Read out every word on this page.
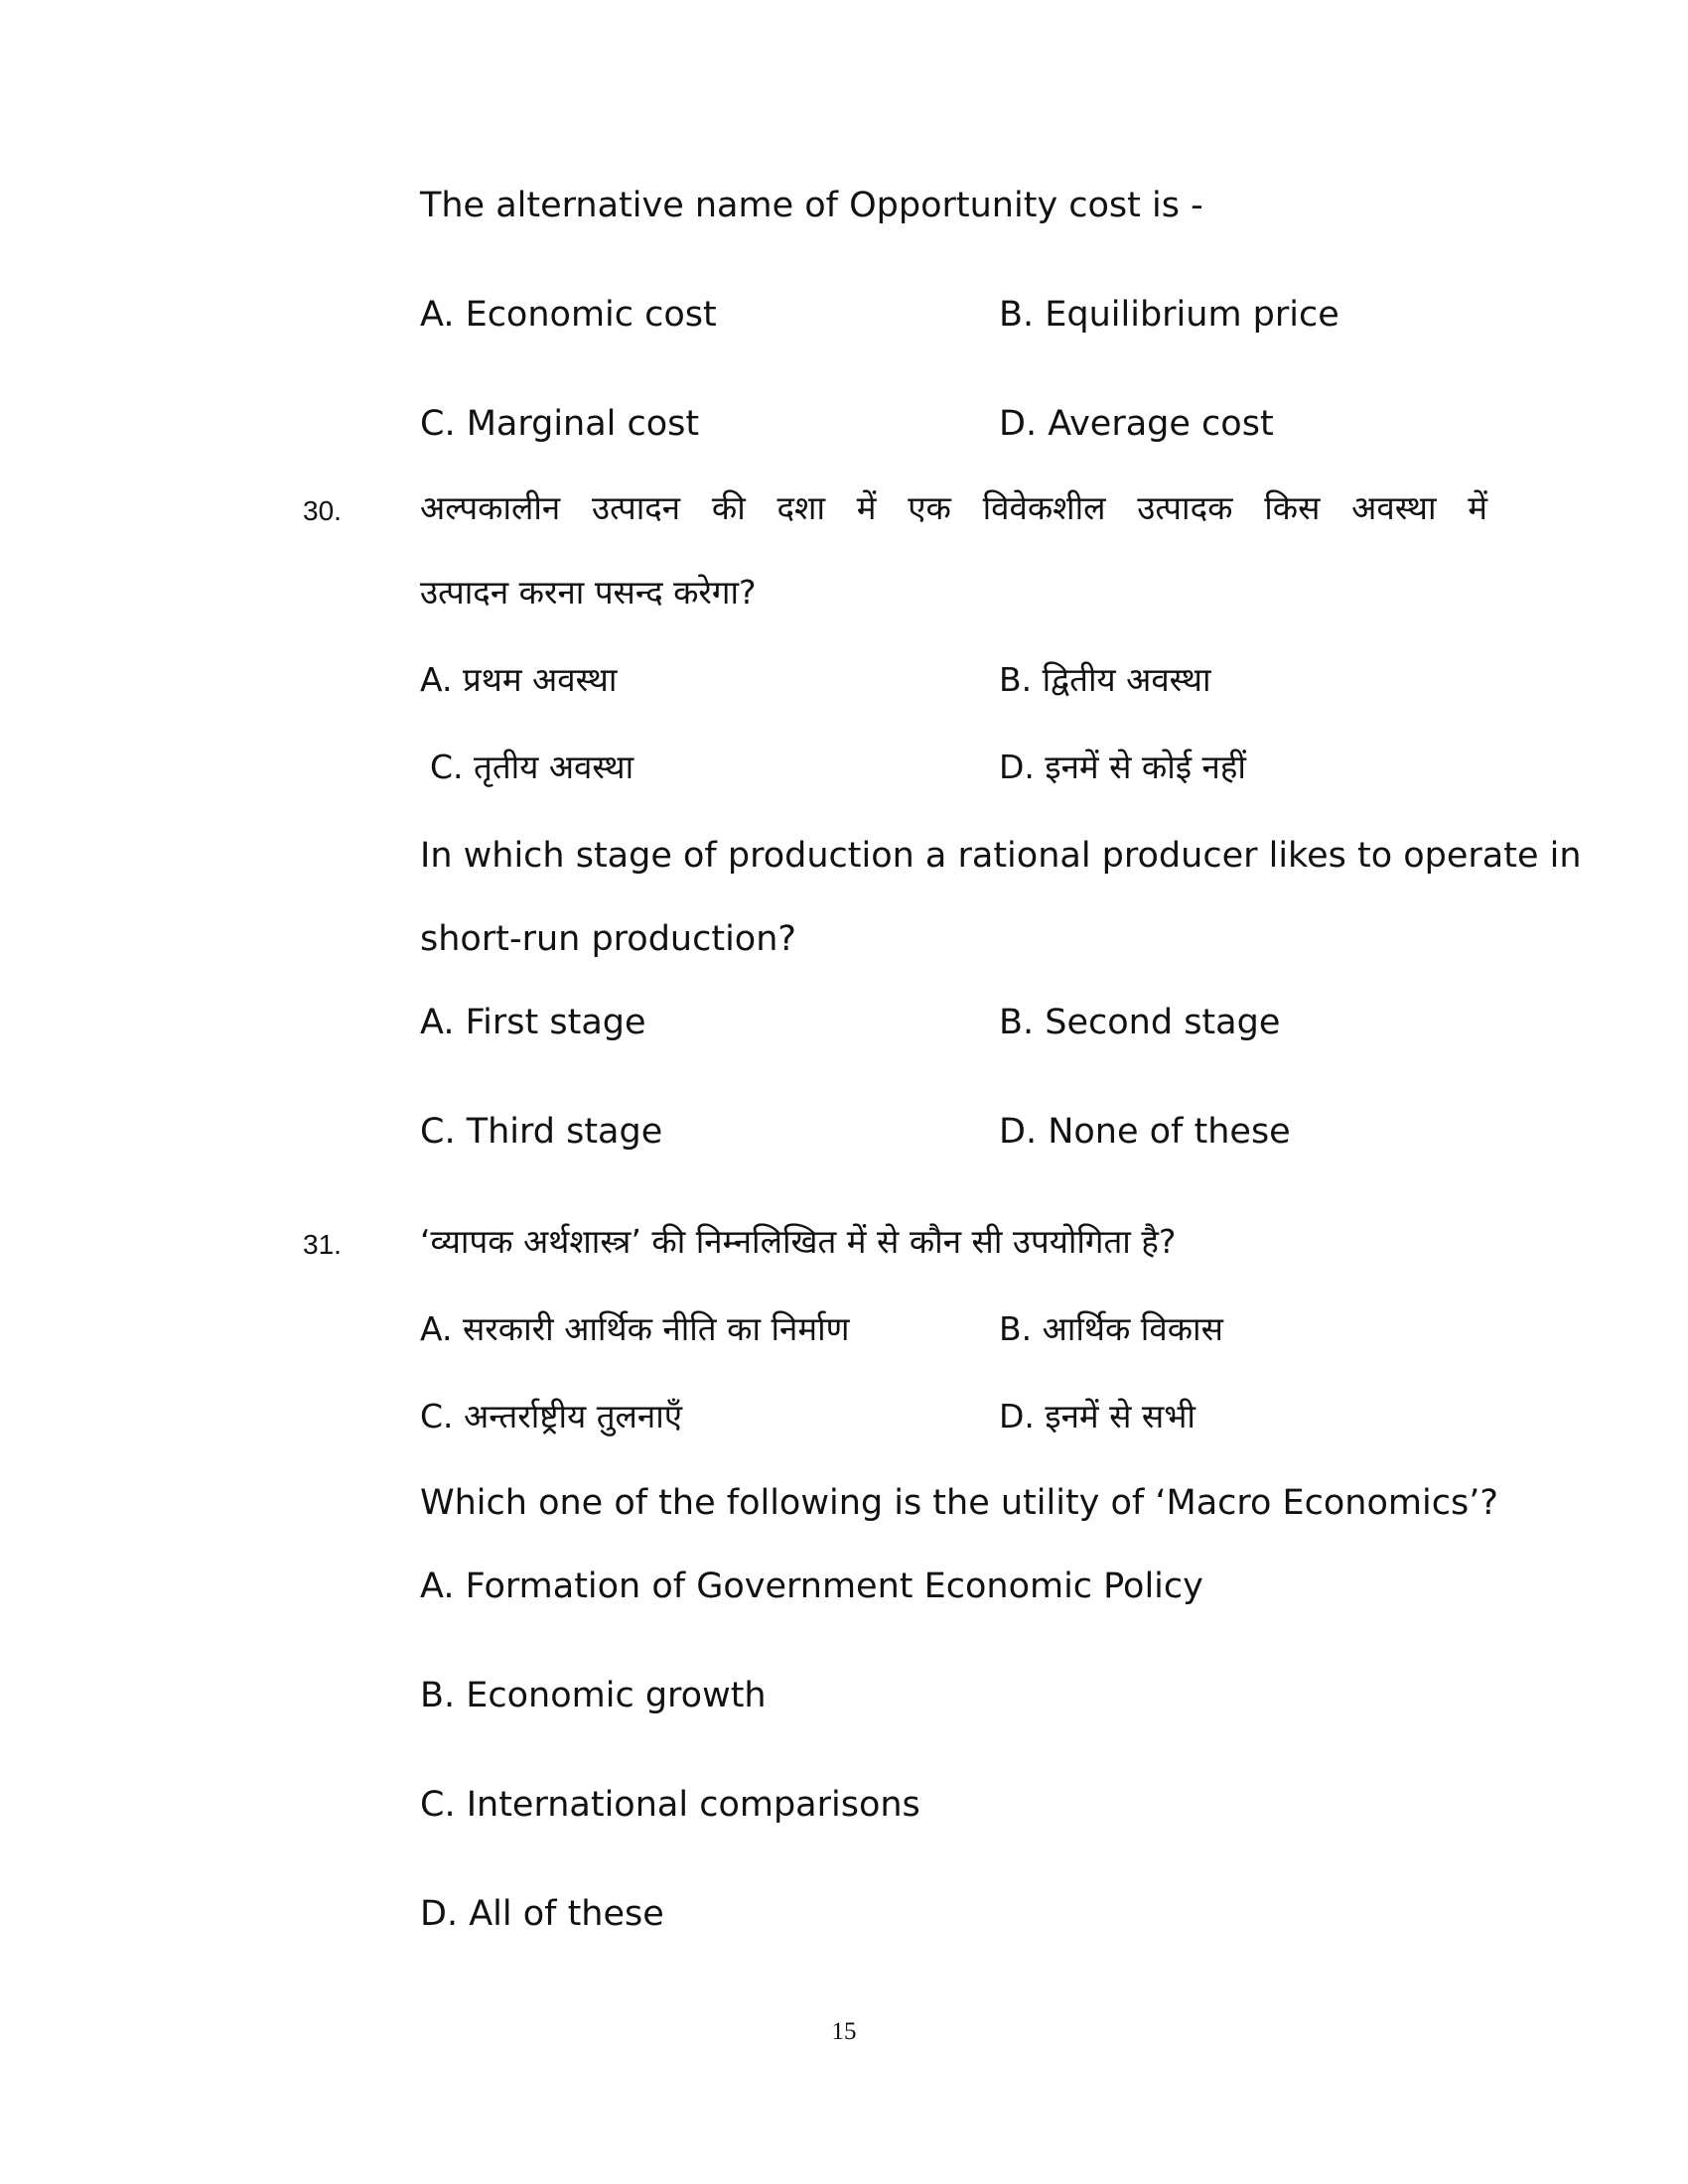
The alternative name of Opportunity cost is -
A. Economic cost	B. Equilibrium price
C. Marginal cost	D. Average cost
30. अल्पकालीन उत्पादन की दशा में एक विवेकशील उत्पादक किस अवस्था में
उत्पादन करना पसन्द करेगा?
A. प्रथम अवस्था	B. द्वितीय अवस्था
C. तृतीय अवस्था	D. इनमें से कोई नहीं
In which stage of production a rational producer likes to operate in
short-run production?
A. First stage	B. Second stage
C. Third stage	D. None of these
31. ‘व्यापक अर्थशास्त्र’ की निम्नलिखित में से कौन सी उपयोगिता है?
A. सरकारी आर्थिक नीति का निर्माण	B. आर्थिक विकास
C. अन्तर्राष्ट्रीय तुलनाएँ	D. इनमें से सभी
Which one of the following is the utility of ‘Macro Economics’?
A. Formation of Government Economic Policy
B. Economic growth
C. International comparisons
D. All of these
15
